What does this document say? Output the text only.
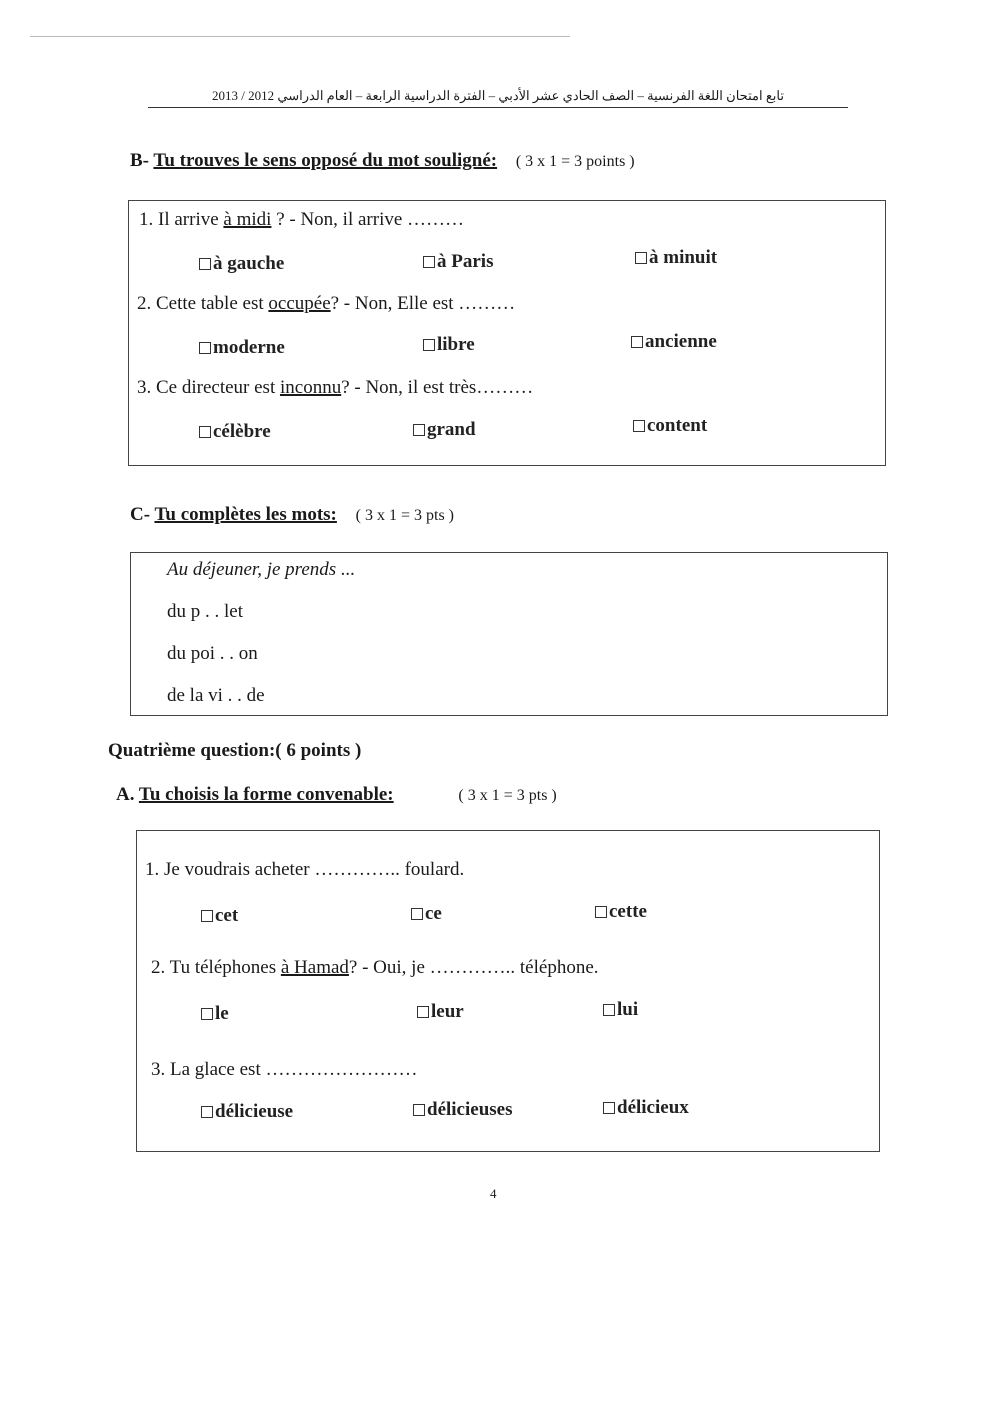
تابع امتحان اللغة الفرنسية – الصف الحادي عشر الأدبي – الفترة الدراسية الرابعة – العام الدراسي 2012 / 2013
B- Tu trouves le sens opposé du mot souligné: ( 3 x 1 = 3 points )
1. Il arrive à midi ? - Non, il arrive ………
à gauche	à Paris	à minuit
2. Cette table est occupée? - Non, Elle est ………
moderne	libre	ancienne
3. Ce directeur est inconnu? - Non, il est très………
célèbre	grand	content
C- Tu complètes les mots: ( 3 x 1 = 3 pts )
Au déjeuner, je prends ...
du p . . let
du poi . . on
de la vi . . de
Quatrième question:( 6 points )
A. Tu choisis la forme convenable:	( 3 x 1 = 3 pts )
1. Je voudrais acheter ………….. foulard.
cet	ce	cette
2. Tu téléphones à Hamad? - Oui, je ………….. téléphone.
le	leur	lui
3. La glace est ……………………
délicieuse	délicieuses	délicieux
4
